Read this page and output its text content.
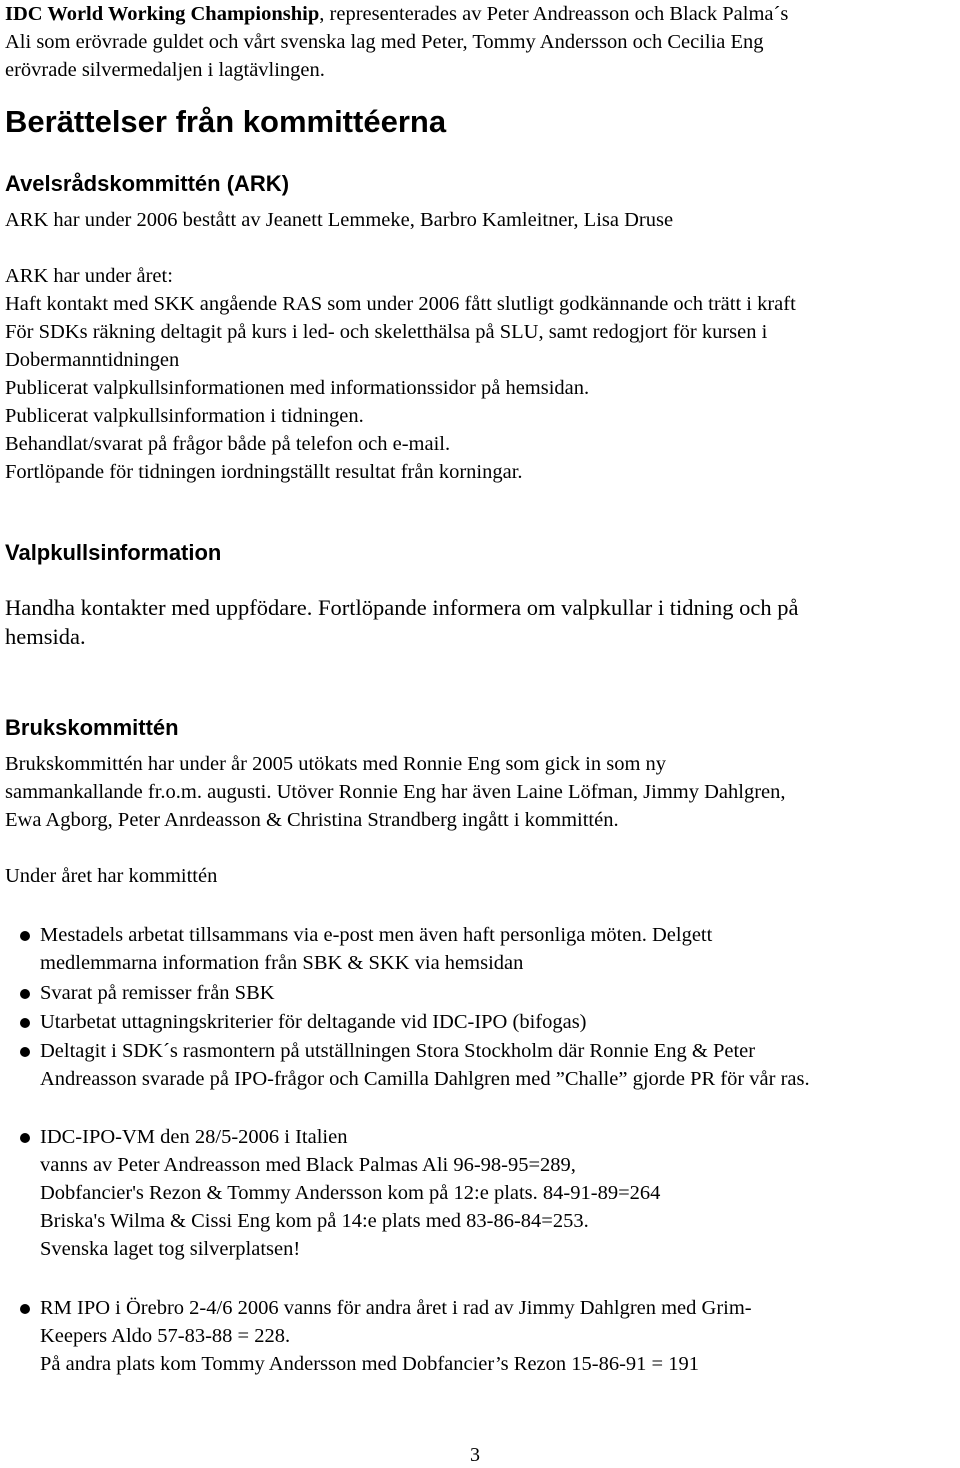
IDC World Working Championship, representerades av Peter Andreasson och Black Palma´s
Ali som erövrade guldet och vårt svenska lag med Peter, Tommy Andersson och Cecilia Eng
erövrade silvermedaljen i lagtävlingen.
Berättelser från kommittéerna
Avelsrådskommittén (ARK)
ARK har under 2006 bestått av Jeanett Lemmeke, Barbro Kamleitner, Lisa Druse
ARK har under året:
Haft kontakt med SKK angående RAS som under 2006 fått slutligt godkännande och trätt i kraft
För SDKs räkning deltagit på kurs i led- och skeletthälsa på SLU, samt redogjort för kursen i
Dobermanntidningen
Publicerat valpkullsinformationen med informationssidor på hemsidan.
Publicerat valpkullsinformation i tidningen.
Behandlat/svarat på frågor både på telefon och e-mail.
Fortlöpande för tidningen iordningställt resultat från korningar.
Valpkullsinformation
Handha kontakter med uppfödare. Fortlöpande informera om valpkullar i tidning och på
hemsida.
Brukskommittén
Brukskommittén har under år 2005 utökats med Ronnie Eng som gick in som ny
sammankallande fr.o.m. augusti. Utöver Ronnie Eng har även Laine Löfman, Jimmy Dahlgren,
Ewa Agborg, Peter Anrdeasson & Christina Strandberg ingått i kommittén.
Under året har kommittén
Mestadels arbetat tillsammans via e-post men även haft personliga möten. Delgett
medlemmarna information från SBK & SKK via hemsidan
Svarat på remisser från SBK
Utarbetat uttagningskriterier för deltagande vid IDC-IPO (bifogas)
Deltagit i SDK´s rasmontern på utställningen Stora Stockholm där Ronnie Eng & Peter
Andreasson svarade på IPO-frågor och Camilla Dahlgren med ”Challe” gjorde PR för vår ras.
IDC-IPO-VM den 28/5-2006 i Italien
vanns av Peter Andreasson med Black Palmas Ali 96-98-95=289,
Dobfancier's Rezon & Tommy Andersson kom på 12:e plats. 84-91-89=264
Briska's Wilma & Cissi Eng kom på 14:e plats med 83-86-84=253.
Svenska laget tog silverplatsen!
RM IPO i Örebro 2-4/6 2006 vanns för andra året i rad av Jimmy Dahlgren med Grim-
Keepers Aldo 57-83-88 = 228.
På andra plats kom Tommy Andersson med Dobfancier’s Rezon 15-86-91 = 191
3
